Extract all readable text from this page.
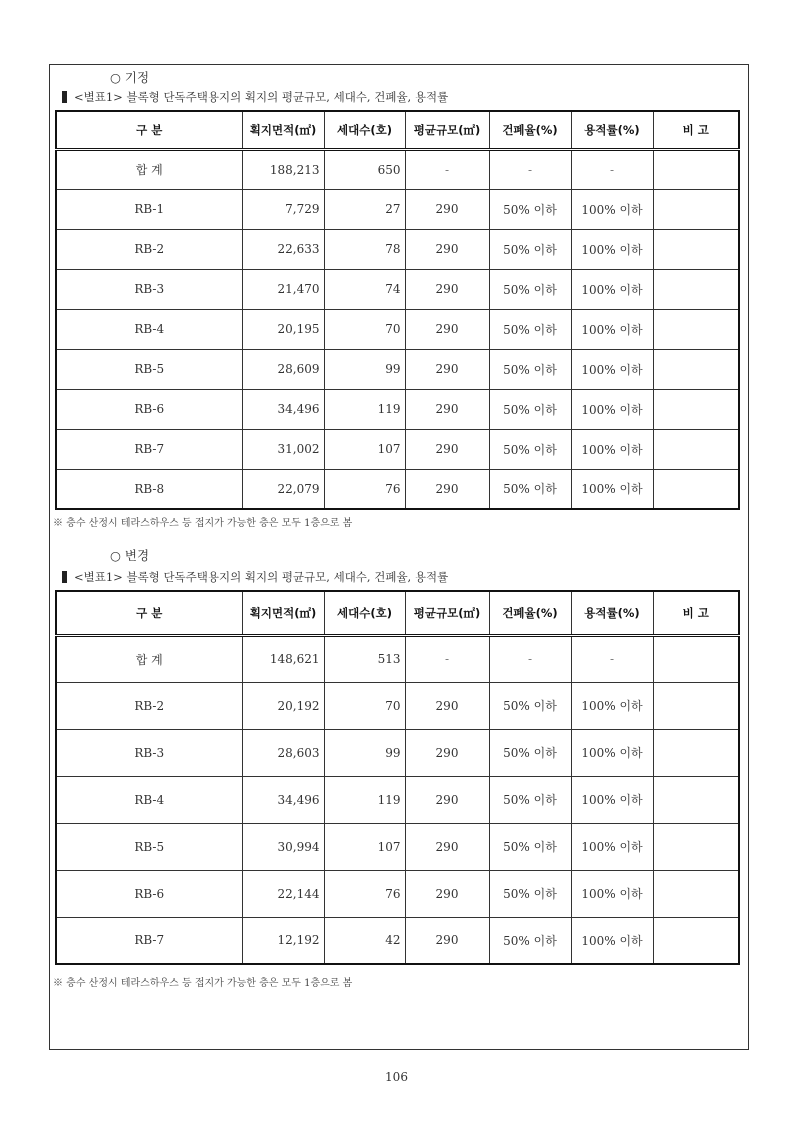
○ 기정
<별표1> 블록형 단독주택용지의 획지의 평균규모, 세대수, 건폐율, 용적률
구 분	획지면적(㎡)	세대수(호)	평균규모(㎡)	건폐율(%)	용적률(%)	비 고
합 계	188,213	650	-	-	-	
RB-1	7,729	27	290	50% 이하	100% 이하	
RB-2	22,633	78	290	50% 이하	100% 이하	
RB-3	21,470	74	290	50% 이하	100% 이하	
RB-4	20,195	70	290	50% 이하	100% 이하	
RB-5	28,609	99	290	50% 이하	100% 이하	
RB-6	34,496	119	290	50% 이하	100% 이하	
RB-7	31,002	107	290	50% 이하	100% 이하	
RB-8	22,079	76	290	50% 이하	100% 이하	
※ 층수 산정시 테라스하우스 등 접지가 가능한 층은 모두 1층으로 봄
○ 변경
<별표1> 블록형 단독주택용지의 획지의 평균규모, 세대수, 건폐율, 용적률
구 분	획지면적(㎡)	세대수(호)	평균규모(㎡)	건폐율(%)	용적률(%)	비 고
합 계	148,621	513	-	-	-	
RB-2	20,192	70	290	50% 이하	100% 이하	
RB-3	28,603	99	290	50% 이하	100% 이하	
RB-4	34,496	119	290	50% 이하	100% 이하	
RB-5	30,994	107	290	50% 이하	100% 이하	
RB-6	22,144	76	290	50% 이하	100% 이하	
RB-7	12,192	42	290	50% 이하	100% 이하	
※ 층수 산정시 테라스하우스 등 접지가 가능한 층은 모두 1층으로 봄
106
